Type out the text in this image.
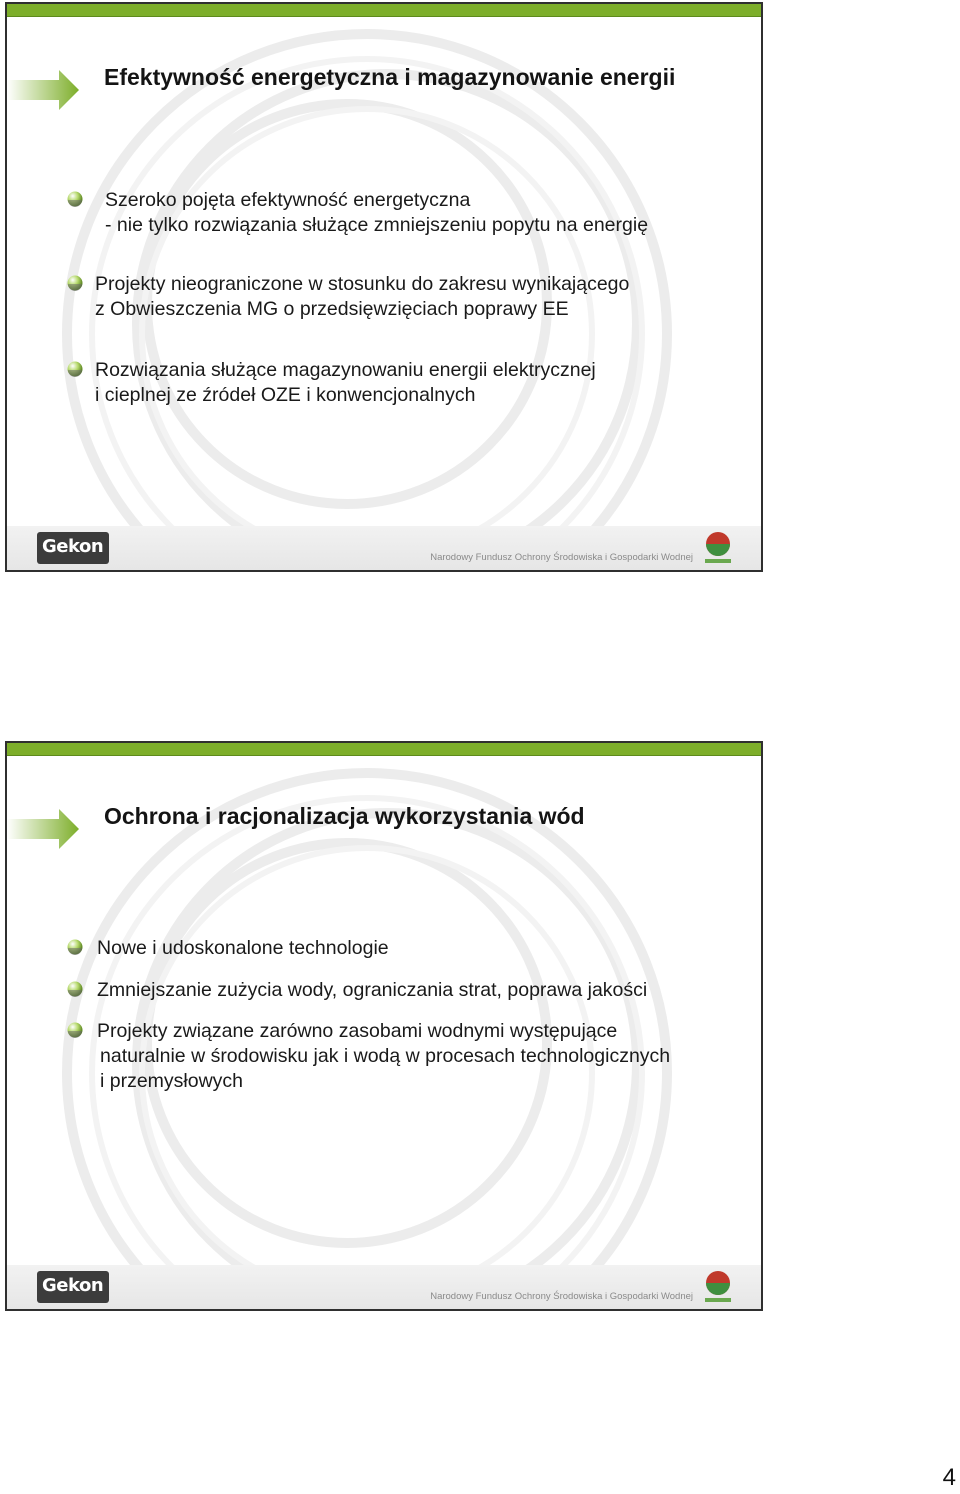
Efektywność energetyczna i magazynowanie energii
Szeroko pojęta efektywność energetyczna
- nie tylko rozwiązania służące zmniejszeniu popytu na energię
Projekty nieograniczone w stosunku do zakresu wynikającego
z Obwieszczenia MG o przedsięwzięciach poprawy EE
Rozwiązania służące magazynowaniu energii elektrycznej
i cieplnej ze źródeł OZE i konwencjonalnych
Gekon
Narodowy Fundusz Ochrony Środowiska i Gospodarki Wodnej
Ochrona i racjonalizacja wykorzystania wód
Nowe i udoskonalone technologie
Zmniejszanie zużycia wody, ograniczania strat, poprawa jakości
Projekty związane zarówno zasobami wodnymi występujące
naturalnie w środowisku jak i wodą w procesach technologicznych
i przemysłowych
Gekon
Narodowy Fundusz Ochrony Środowiska i Gospodarki Wodnej
4
